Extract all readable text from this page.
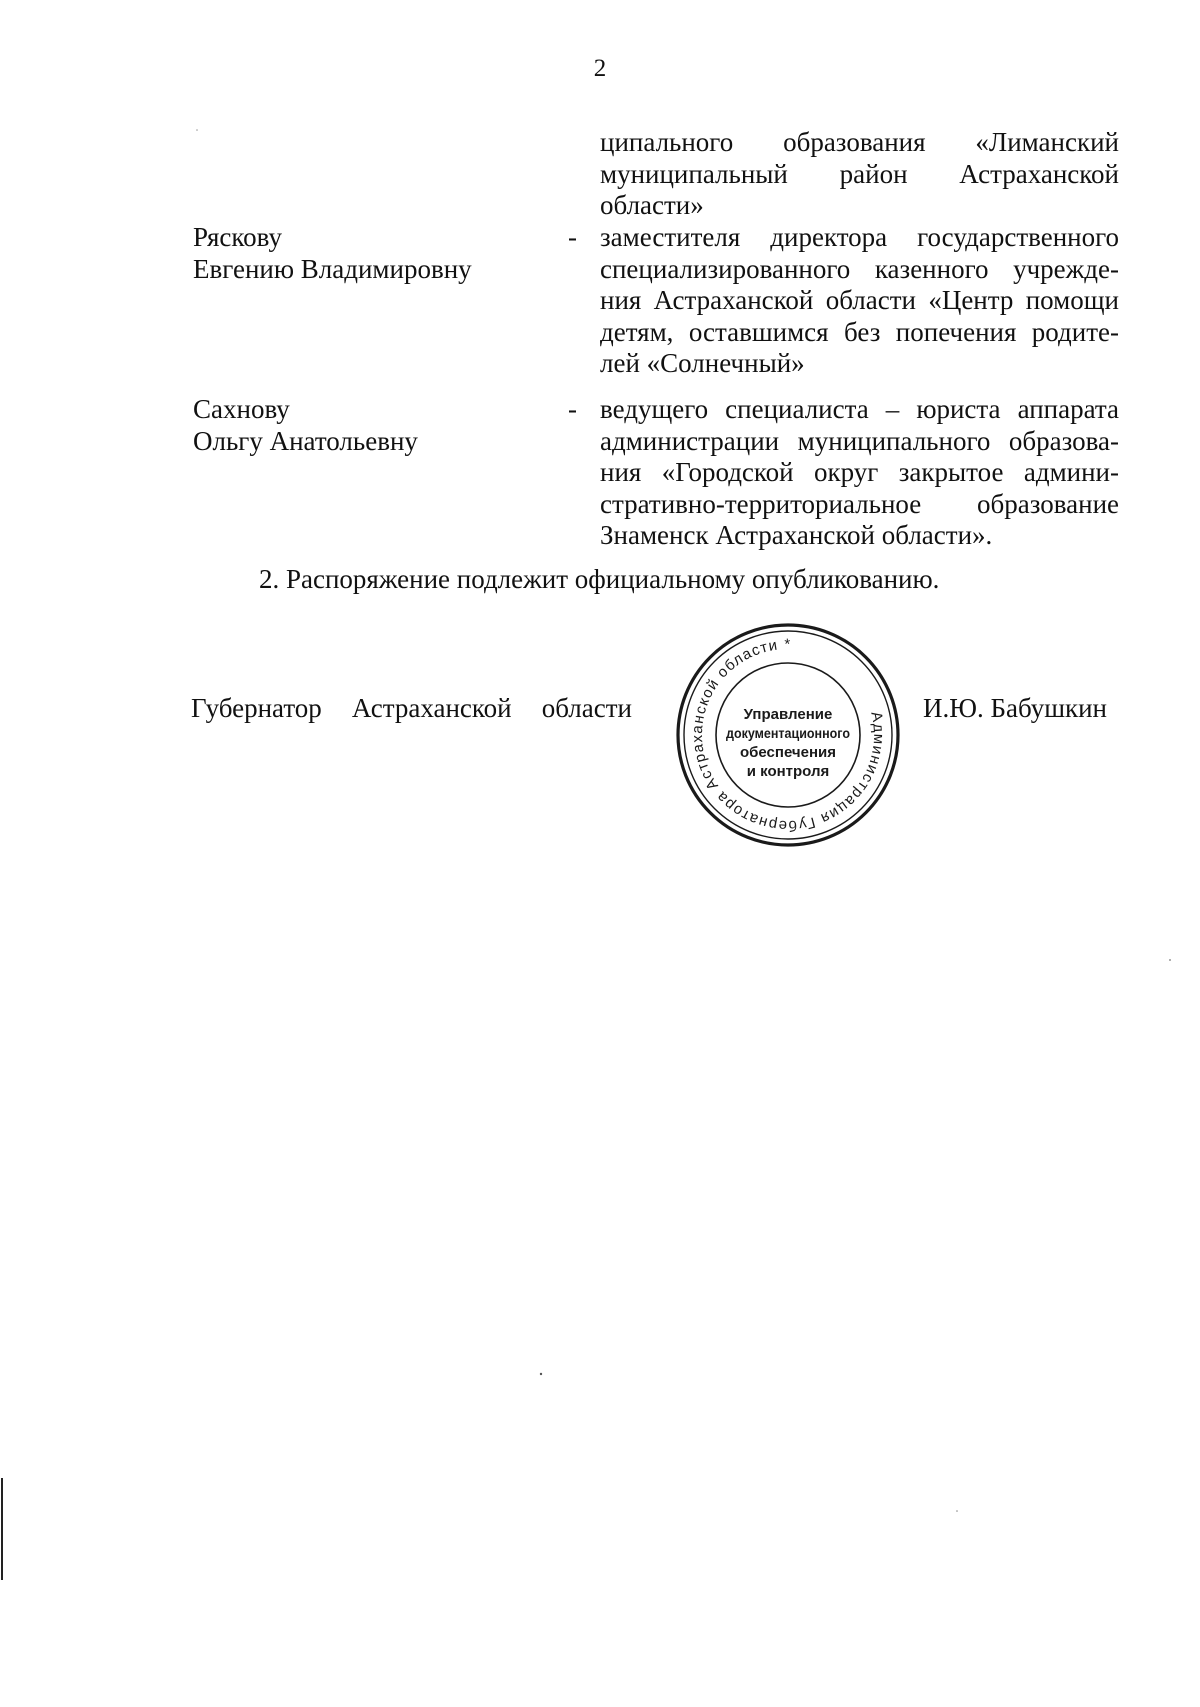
2
ципального образования «Лиманский
муниципальный район Астраханской
области»
Ряскову
Евгению Владимировну
- заместителя директора государственного
специализированного казенного учрежде-
ния Астраханской области «Центр помощи
детям, оставшимся без попечения родите-
лей «Солнечный»
Сахнову
Ольгу Анатольевну
- ведущего специалиста – юриста аппарата
администрации муниципального образова-
ния «Городской округ закрытое админи-
стративно-территориальное образование
Знаменск Астраханской области».
2. Распоряжение подлежит официальному опубликованию.
Губернатор Астраханской области	И.Ю. Бабушкин
Администрация Губернатора Астраханской области *
Управление
документационного
обеспечения
и контроля
